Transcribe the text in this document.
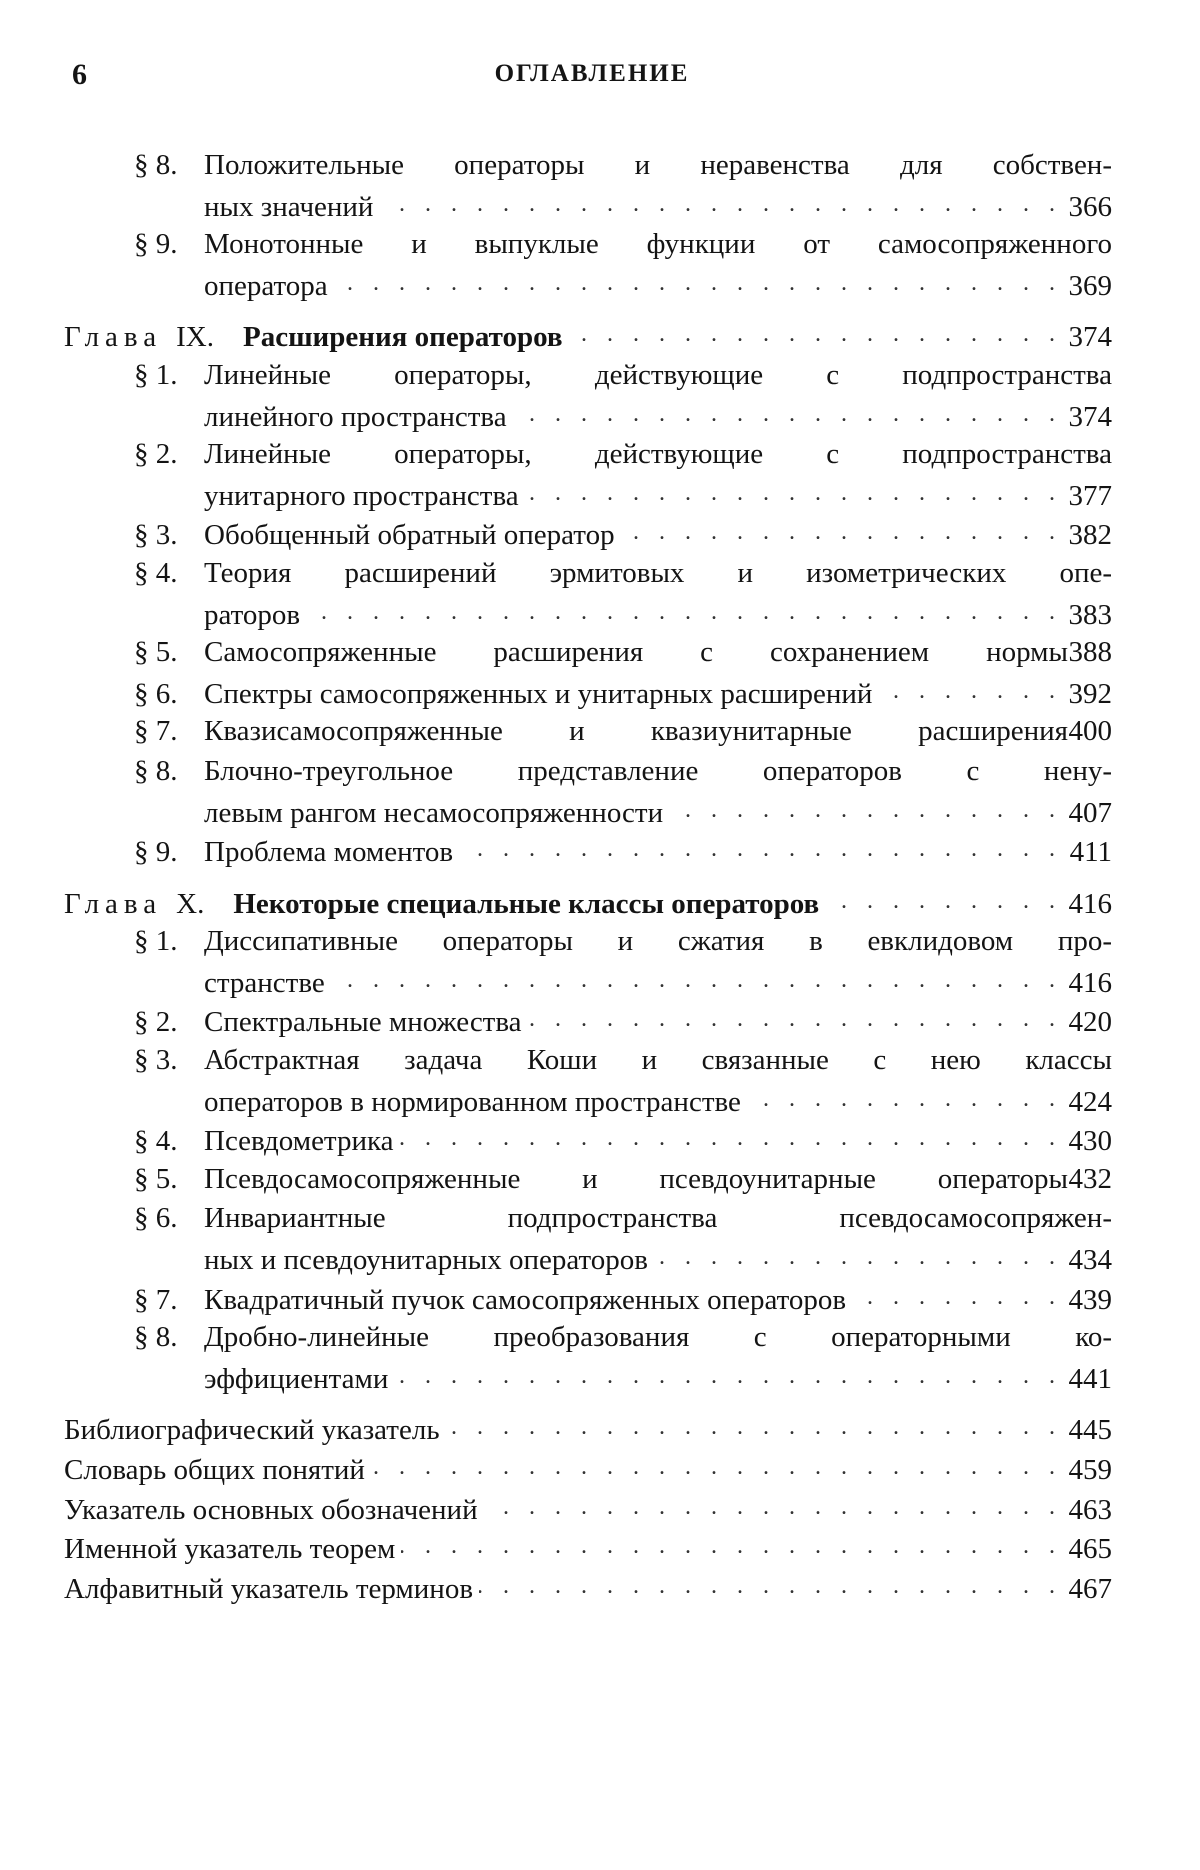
6	ОГЛАВЛЕНИЕ
§ 8. Положительные операторы и неравенства для собствен-
ных значений . . .	366
§ 9. Монотонные и выпуклые функции от самосопряженного
оператора . . .	369
Глава IX.  Расширения операторов . . .	374
§ 1. Линейные операторы, действующие с подпространства
линейного пространства . . .	374
§ 2. Линейные операторы, действующие с подпространства
унитарного пространства . . .	377
§ 3. Обобщенный обратный оператор . . .	382
§ 4. Теория расширений эрмитовых и изометрических опе-
раторов . . .	383
§ 5. Самосопряженные расширения с сохранением нормы 388
§ 6. Спектры самосопряженных и унитарных расширений . . .	392
§ 7. Квазисамосопряженные и квазиунитарные расширения 400
§ 8. Блочно-треугольное представление операторов с нену-
левым рангом несамосопряженности . . .	407
§ 9. Проблема моментов . . .	411
Глава X.  Некоторые специальные классы операторов . . .	416
§ 1. Диссипативные операторы и сжатия в евклидовом про-
странстве . . .	416
§ 2. Спектральные множества . . .	420
§ 3. Абстрактная задача Коши и связанные с нею классы
операторов в нормированном пространстве . . .	424
§ 4. Псевдометрика . . .	430
§ 5. Псевдосамосопряженные и псевдоунитарные операторы 432
§ 6. Инвариантные подпространства псевдосамосопряжен-
ных и псевдоунитарных операторов . . .	434
§ 7. Квадратичный пучок самосопряженных операторов . . .	439
§ 8. Дробно-линейные преобразования с операторными ко-
эффициентами . . .	441
Библиографический указатель . . .	445
Словарь общих понятий . . .	459
Указатель основных обозначений . . .	463
Именной указатель теорем . . .	465
Алфавитный указатель терминов . . .	467
